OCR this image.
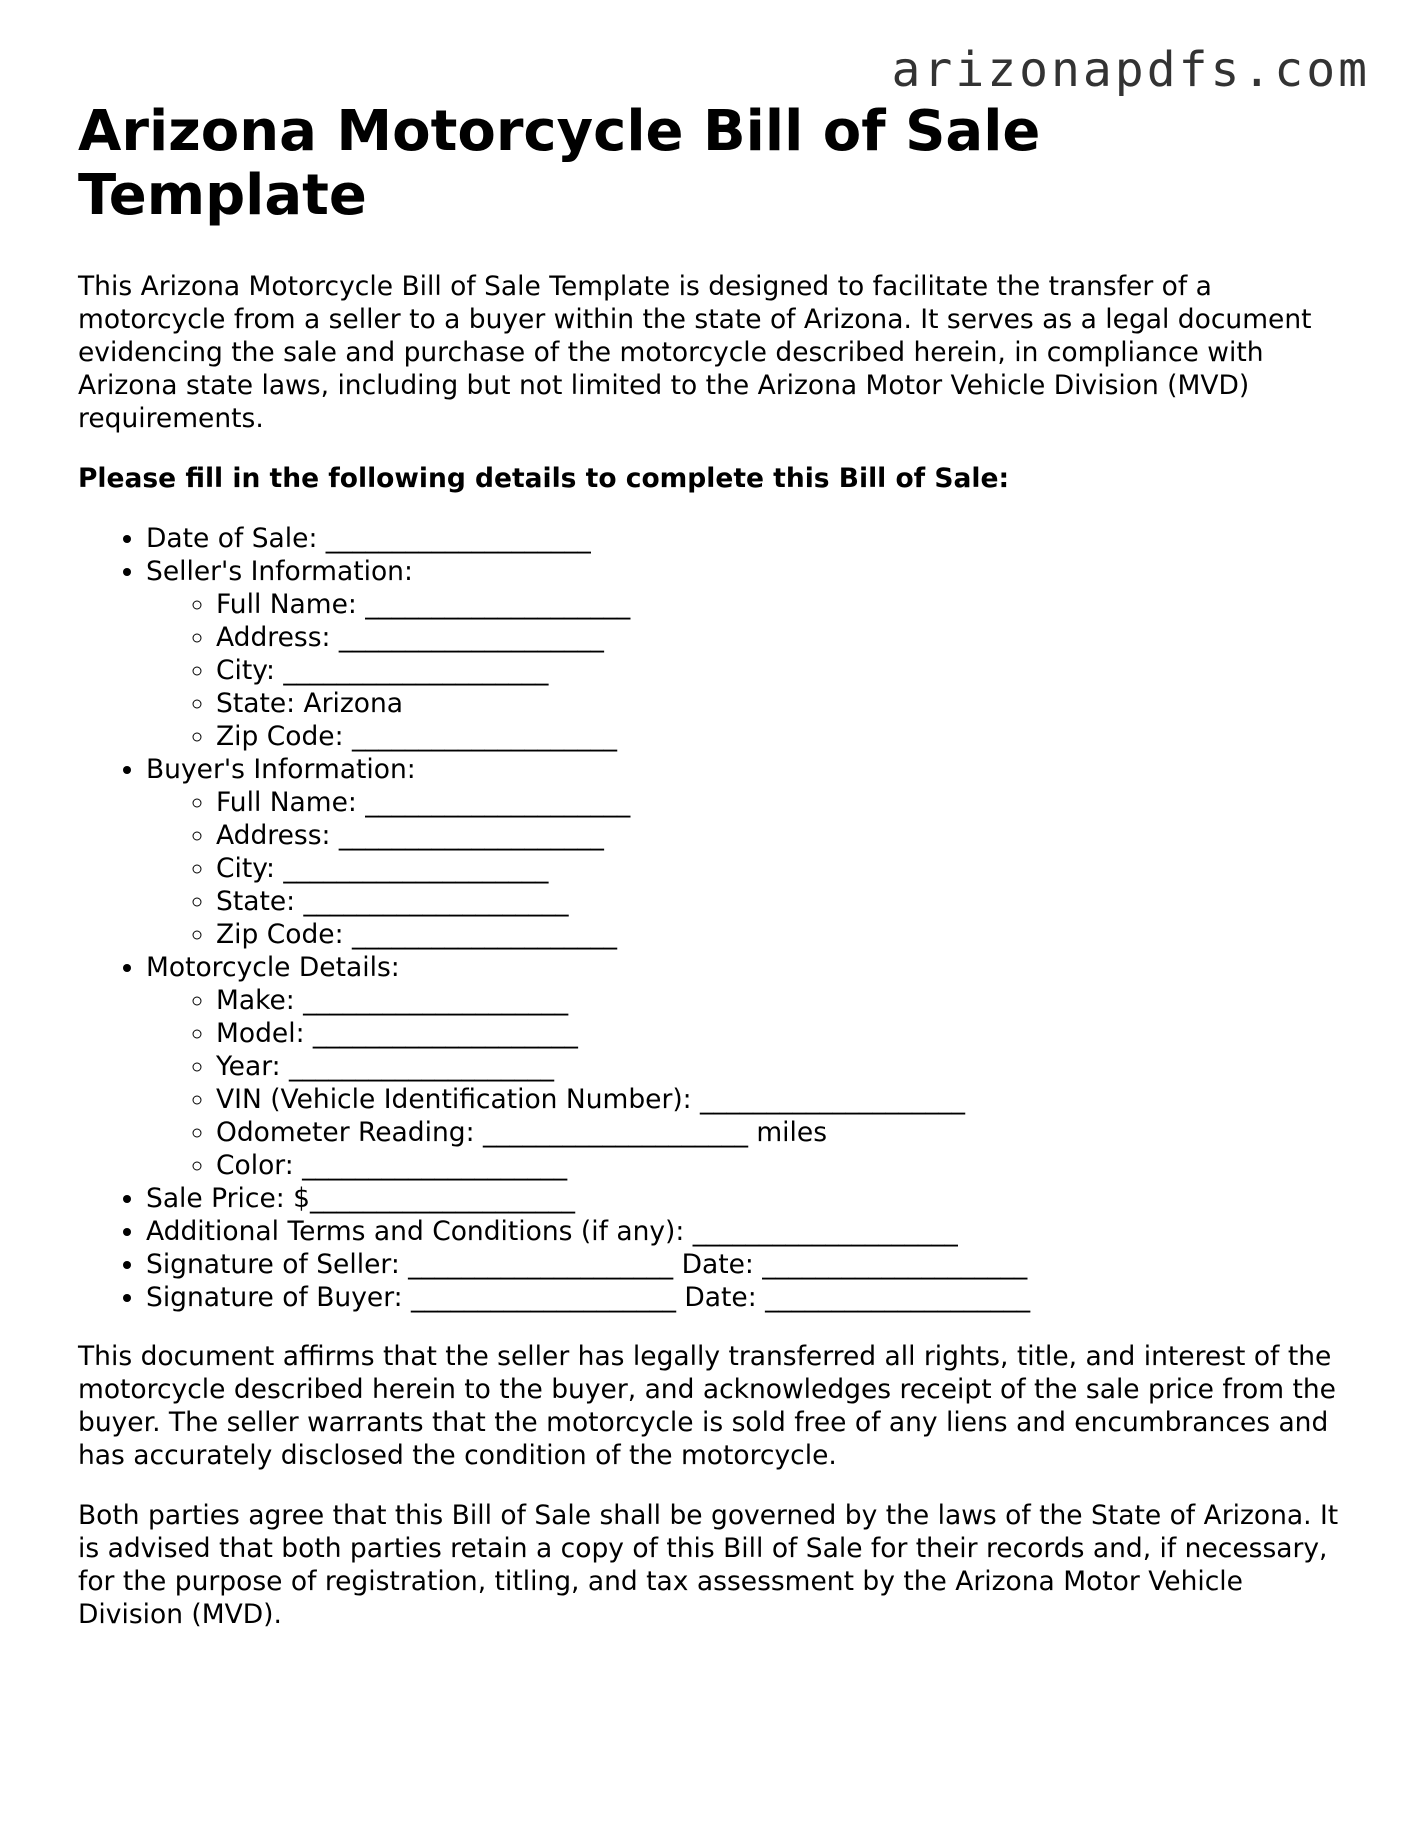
arizonapdfs.com
Arizona Motorcycle Bill of Sale Template

This Arizona Motorcycle Bill of Sale Template is designed to facilitate the transfer of a motorcycle from a seller to a buyer within the state of Arizona. It serves as a legal document evidencing the sale and purchase of the motorcycle described herein, in compliance with Arizona state laws, including but not limited to the Arizona Motor Vehicle Division (MVD) requirements.

Please fill in the following details to complete this Bill of Sale:

• Date of Sale: ____________________
• Seller's Information:
◦ Full Name: ____________________
◦ Address: ____________________
◦ City: ____________________
◦ State: Arizona
◦ Zip Code: ____________________
• Buyer's Information:
◦ Full Name: ____________________
◦ Address: ____________________
◦ City: ____________________
◦ State: ____________________
◦ Zip Code: ____________________
• Motorcycle Details:
◦ Make: ____________________
◦ Model: ____________________
◦ Year: ____________________
◦ VIN (Vehicle Identification Number): ____________________
◦ Odometer Reading: ____________________ miles
◦ Color: ____________________
• Sale Price: $____________________
• Additional Terms and Conditions (if any): ____________________
• Signature of Seller: ____________________ Date: ____________________
• Signature of Buyer: ____________________ Date: ____________________

This document affirms that the seller has legally transferred all rights, title, and interest of the motorcycle described herein to the buyer, and acknowledges receipt of the sale price from the buyer. The seller warrants that the motorcycle is sold free of any liens and encumbrances and has accurately disclosed the condition of the motorcycle.

Both parties agree that this Bill of Sale shall be governed by the laws of the State of Arizona. It is advised that both parties retain a copy of this Bill of Sale for their records and, if necessary, for the purpose of registration, titling, and tax assessment by the Arizona Motor Vehicle Division (MVD).
